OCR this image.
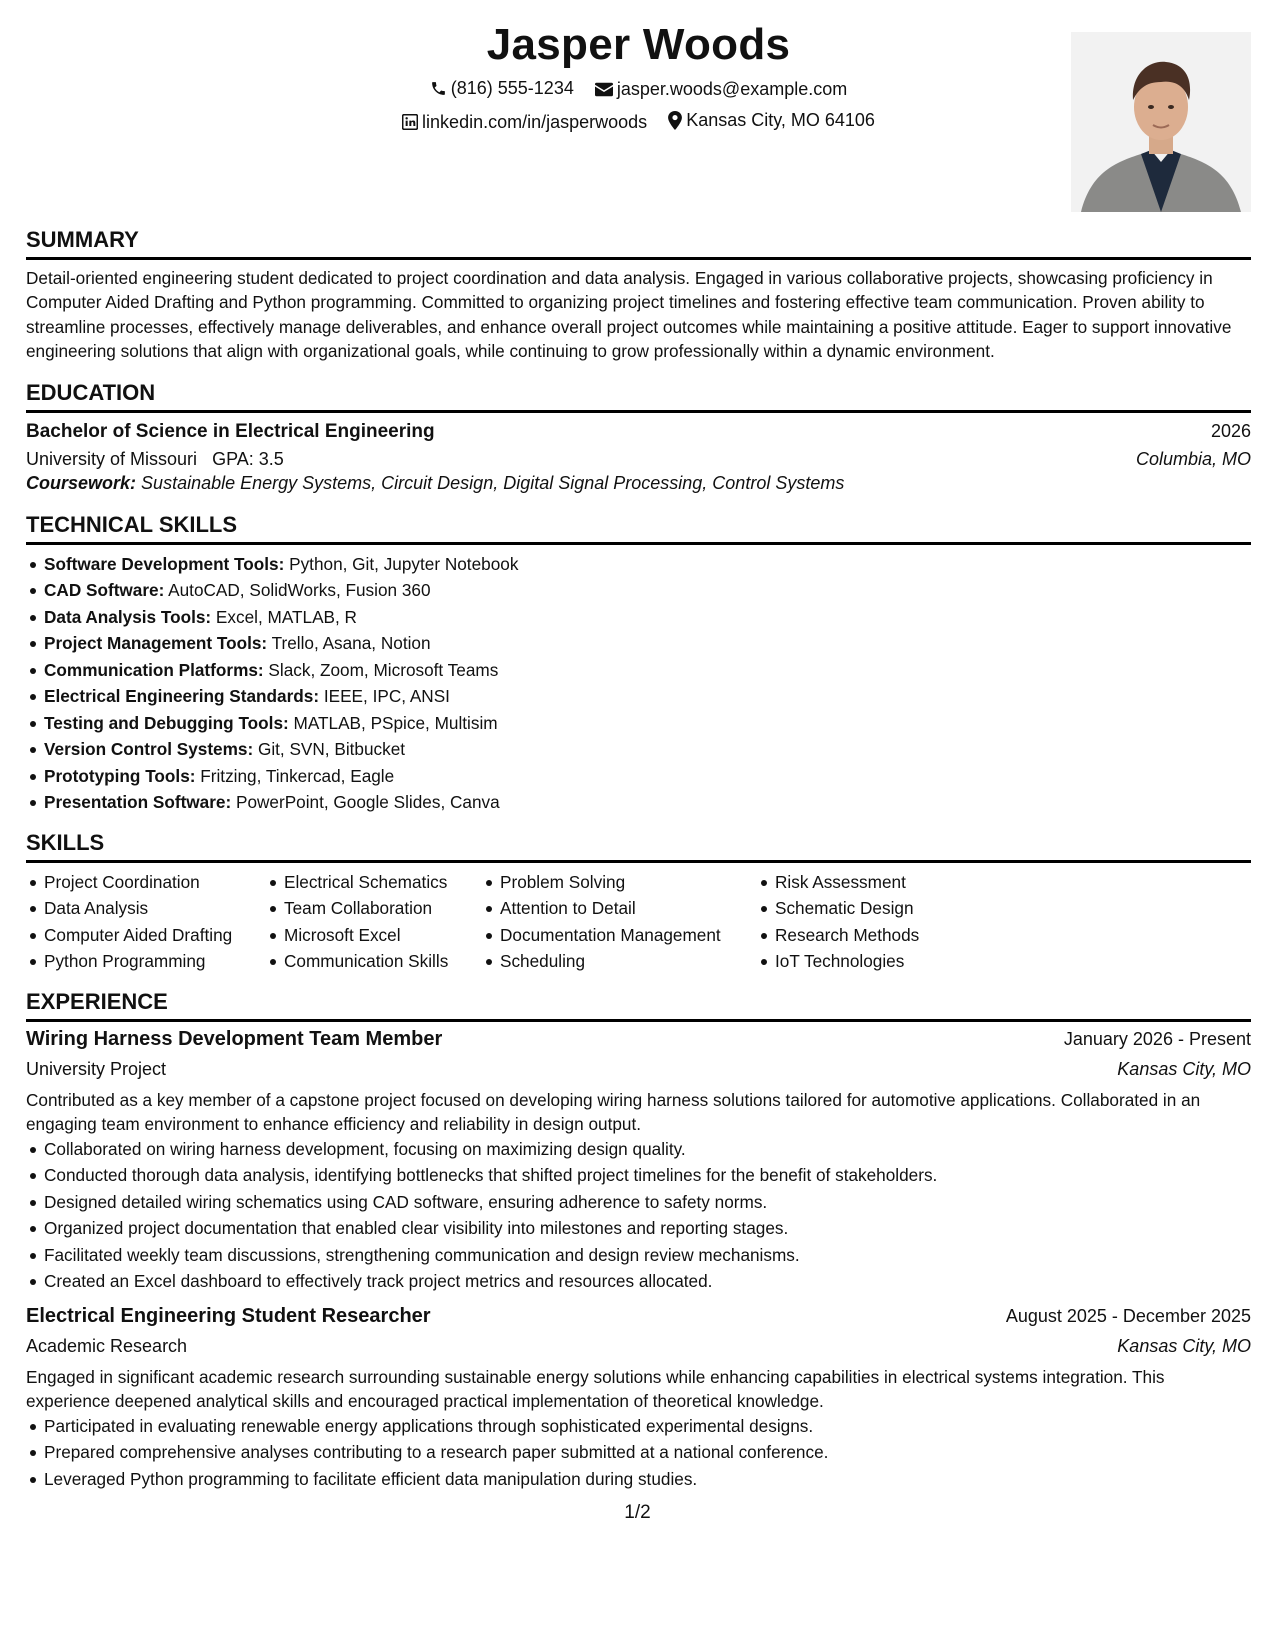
Jasper Woods
(816) 555-1234
jasper.woods@example.com
linkedin.com/in/jasperwoods
Kansas City, MO 64106
SUMMARY

Detail-oriented engineering student dedicated to project coordination and data analysis. Engaged in various collaborative projects, showcasing proficiency in Computer Aided Drafting and Python programming. Committed to organizing project timelines and fostering effective team communication. Proven ability to streamline processes, effectively manage deliverables, and enhance overall project outcomes while maintaining a positive attitude. Eager to support innovative engineering solutions that align with organizational goals, while continuing to grow professionally within a dynamic environment.

EDUCATION
Bachelor of Science in Electrical Engineering	2026
University of Missouri GPA: 3.5	Columbia, MO
Coursework: Sustainable Energy Systems, Circuit Design, Digital Signal Processing, Control Systems
TECHNICAL SKILLS
Software Development Tools: Python, Git, Jupyter Notebook
CAD Software: AutoCAD, SolidWorks, Fusion 360
Data Analysis Tools: Excel, MATLAB, R
Project Management Tools: Trello, Asana, Notion
Communication Platforms: Slack, Zoom, Microsoft Teams
Electrical Engineering Standards: IEEE, IPC, ANSI
Testing and Debugging Tools: MATLAB, PSpice, Multisim
Version Control Systems: Git, SVN, Bitbucket
Prototyping Tools: Fritzing, Tinkercad, Eagle
Presentation Software: PowerPoint, Google Slides, Canva
SKILLS
Project Coordination
Data Analysis
Computer Aided Drafting
Python Programming
Electrical Schematics
Team Collaboration
Microsoft Excel
Communication Skills
Problem Solving
Attention to Detail
Documentation Management
Scheduling
Risk Assessment
Schematic Design
Research Methods
IoT Technologies
EXPERIENCE
Wiring Harness Development Team Member	January 2026 - Present
University Project	Kansas City, MO
Contributed as a key member of a capstone project focused on developing wiring harness solutions tailored for automotive applications. Collaborated in an engaging team environment to enhance efficiency and reliability in design output.
Collaborated on wiring harness development, focusing on maximizing design quality.
Conducted thorough data analysis, identifying bottlenecks that shifted project timelines for the benefit of stakeholders.
Designed detailed wiring schematics using CAD software, ensuring adherence to safety norms.
Organized project documentation that enabled clear visibility into milestones and reporting stages.
Facilitated weekly team discussions, strengthening communication and design review mechanisms.
Created an Excel dashboard to effectively track project metrics and resources allocated.
Electrical Engineering Student Researcher	August 2025 - December 2025
Academic Research	Kansas City, MO
Engaged in significant academic research surrounding sustainable energy solutions while enhancing capabilities in electrical systems integration. This experience deepened analytical skills and encouraged practical implementation of theoretical knowledge.
Participated in evaluating renewable energy applications through sophisticated experimental designs.
Prepared comprehensive analyses contributing to a research paper submitted at a national conference.
Leveraged Python programming to facilitate efficient data manipulation during studies.
1/2
